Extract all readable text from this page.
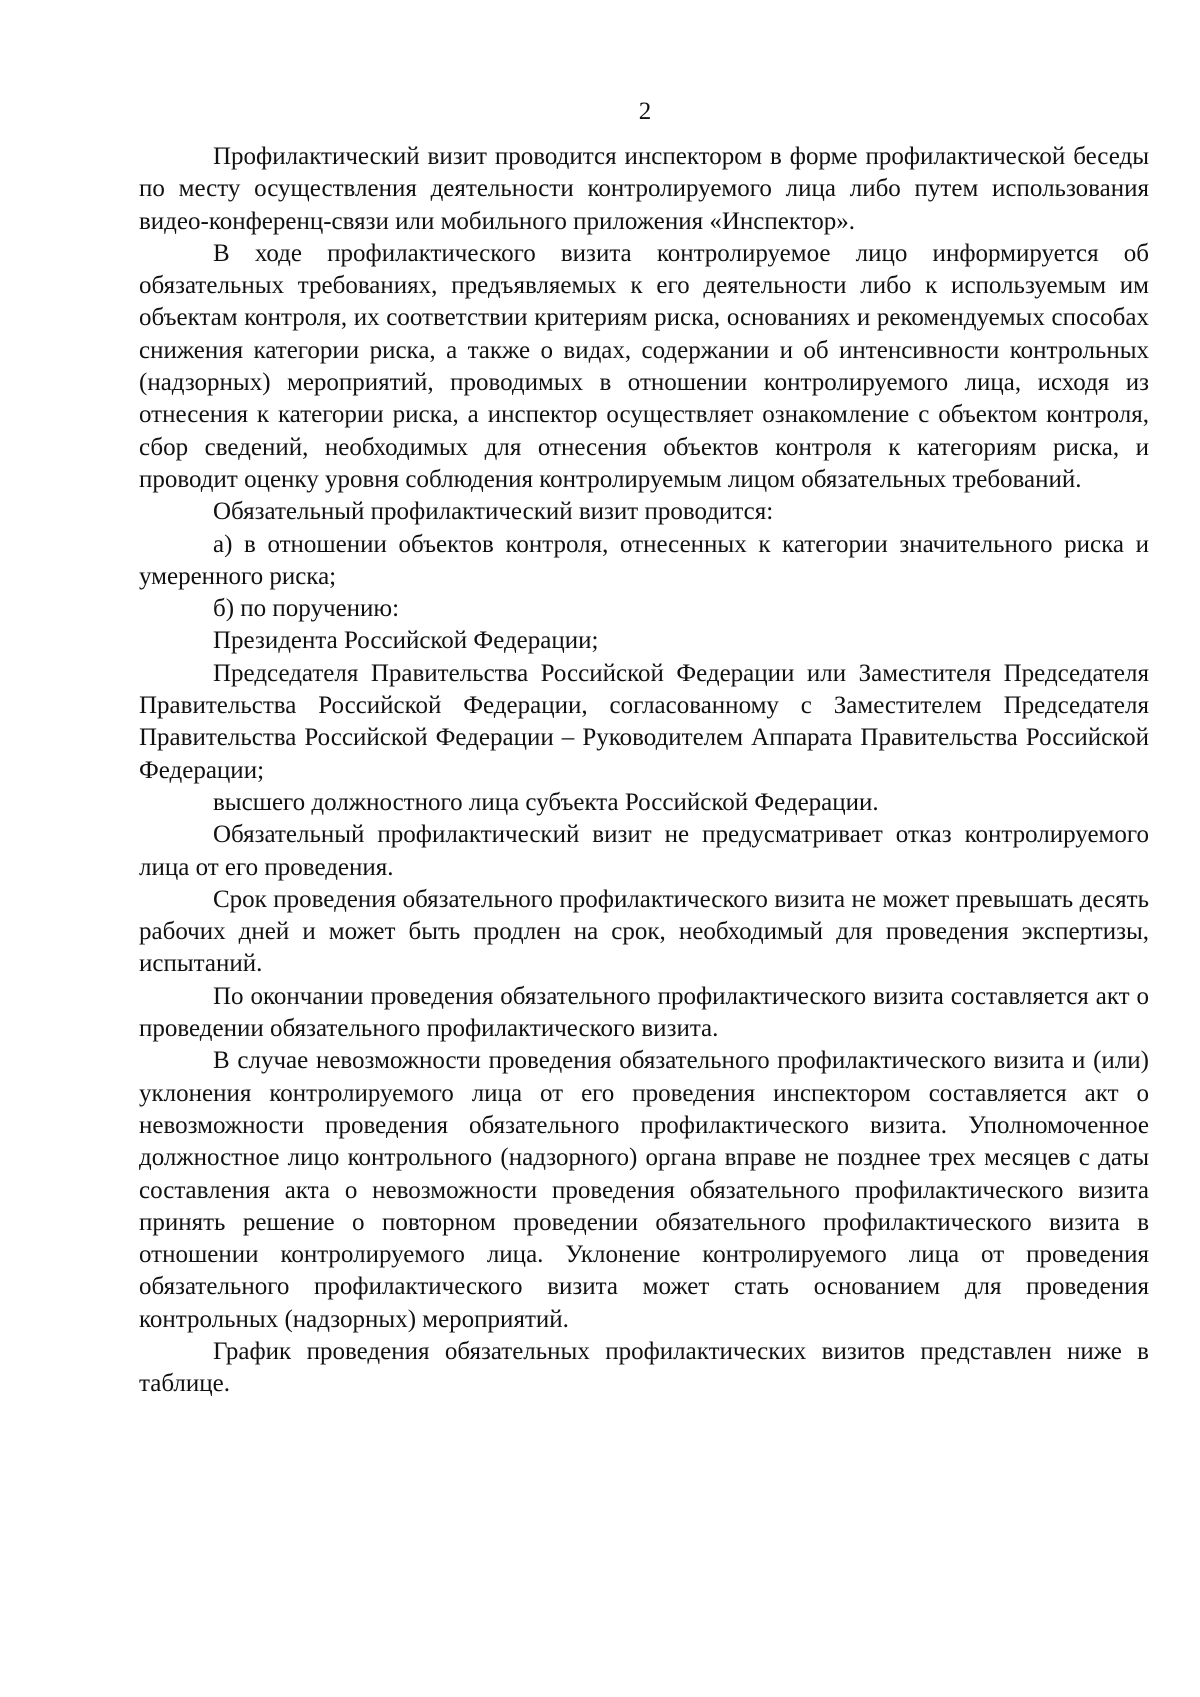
2

Профилактический визит проводится инспектором в форме профилактической беседы по месту осуществления деятельности контролируемого лица либо путем использования видео-конференц-связи или мобильного приложения «Инспектор».

В ходе профилактического визита контролируемое лицо информируется об обязательных требованиях, предъявляемых к его деятельности либо к используемым им объектам контроля, их соответствии критериям риска, основаниях и рекомендуемых способах снижения категории риска, а также о видах, содержании и об интенсивности контрольных (надзорных) мероприятий, проводимых в отношении контролируемого лица, исходя из отнесения к категории риска, а инспектор осуществляет ознакомление с объектом контроля, сбор сведений, необходимых для отнесения объектов контроля к категориям риска, и проводит оценку уровня соблюдения контролируемым лицом обязательных требований.

Обязательный профилактический визит проводится:

а) в отношении объектов контроля, отнесенных к категории значительного риска и умеренного риска;

б) по поручению:

Президента Российской Федерации;

Председателя Правительства Российской Федерации или Заместителя Председателя Правительства Российской Федерации, согласованному с Заместителем Председателя Правительства Российской Федерации – Руководителем Аппарата Правительства Российской Федерации;

высшего должностного лица субъекта Российской Федерации.

Обязательный профилактический визит не предусматривает отказ контролируемого лица от его проведения.

Срок проведения обязательного профилактического визита не может превышать десять рабочих дней и может быть продлен на срок, необходимый для проведения экспертизы, испытаний.

По окончании проведения обязательного профилактического визита составляется акт о проведении обязательного профилактического визита.

В случае невозможности проведения обязательного профилактического визита и (или) уклонения контролируемого лица от его проведения инспектором составляется акт о невозможности проведения обязательного профилактического визита. Уполномоченное должностное лицо контрольного (надзорного) органа вправе не позднее трех месяцев с даты составления акта о невозможности проведения обязательного профилактического визита принять решение о повторном проведении обязательного профилактического визита в отношении контролируемого лица. Уклонение контролируемого лица от проведения обязательного профилактического визита может стать основанием для проведения контрольных (надзорных) мероприятий.

График проведения обязательных профилактических визитов представлен ниже в таблице.
